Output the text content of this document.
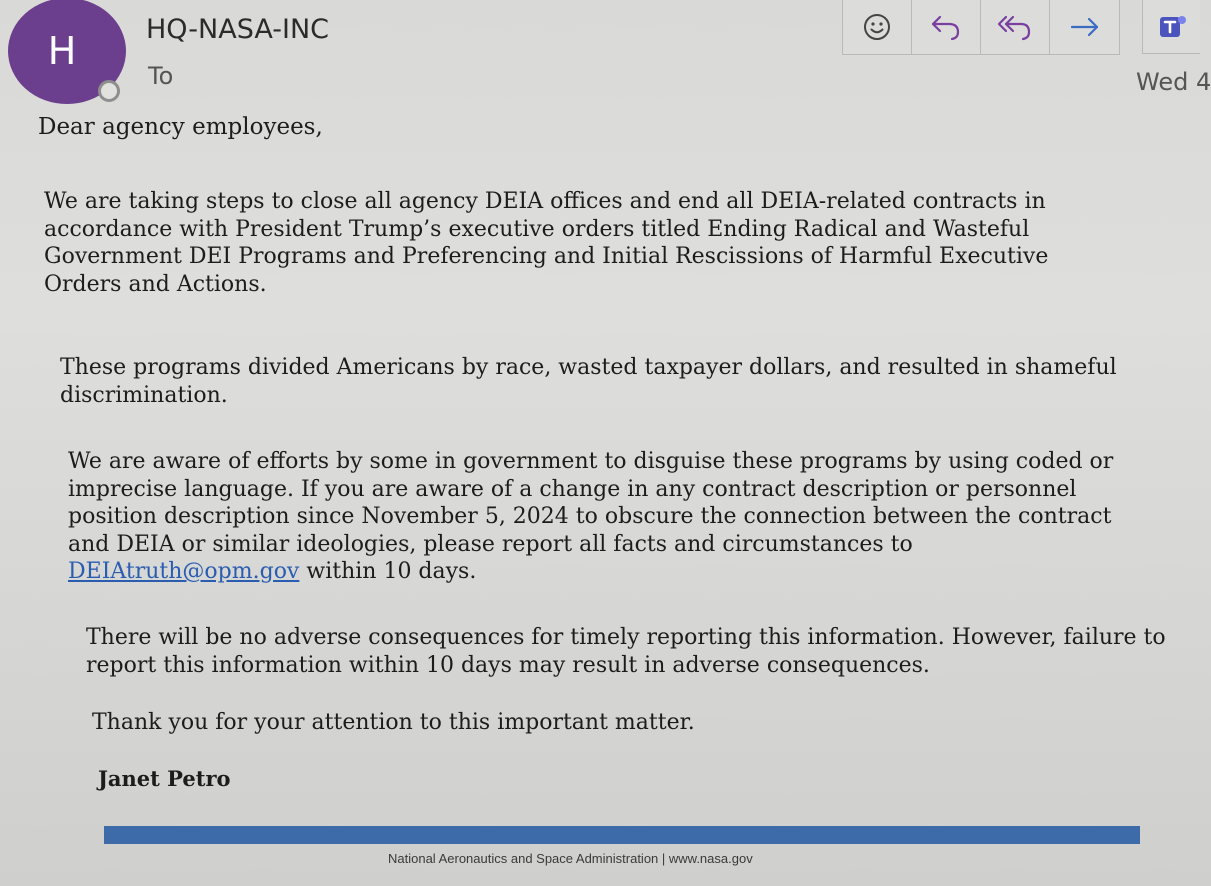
H	HQ-NASA-INC
To	Wed 4
Dear agency employees,
We are taking steps to close all agency DEIA offices and end all DEIA-related contracts in
accordance with President Trump’s executive orders titled Ending Radical and Wasteful
Government DEI Programs and Preferencing and Initial Rescissions of Harmful Executive
Orders and Actions.
These programs divided Americans by race, wasted taxpayer dollars, and resulted in shameful
discrimination.
We are aware of efforts by some in government to disguise these programs by using coded or
imprecise language. If you are aware of a change in any contract description or personnel
position description since November 5, 2024 to obscure the connection between the contract
and DEIA or similar ideologies, please report all facts and circumstances to
DEIAtruth@opm.gov within 10 days.
There will be no adverse consequences for timely reporting this information. However, failure to
report this information within 10 days may result in adverse consequences.
Thank you for your attention to this important matter.
Janet Petro
National Aeronautics and Space Administration | www.nasa.gov
